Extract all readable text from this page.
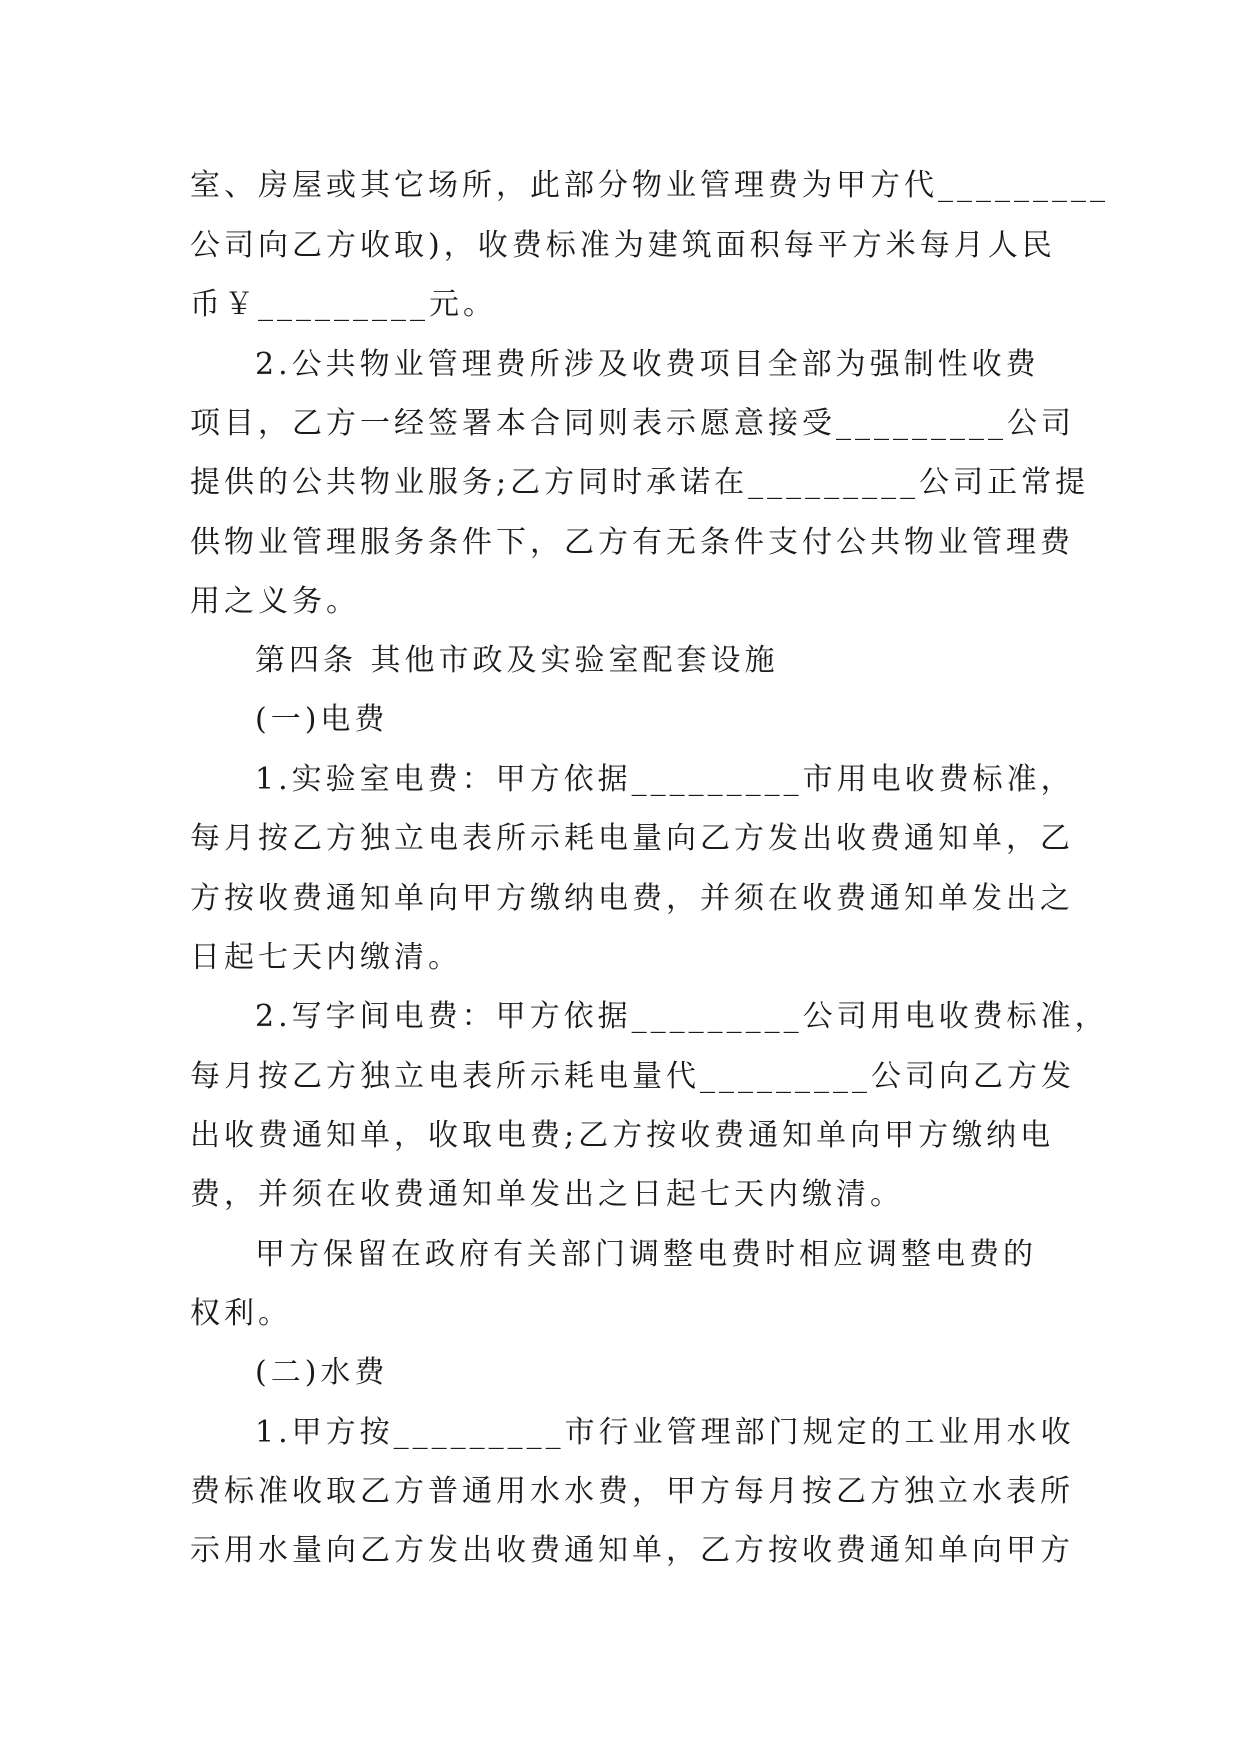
室、房屋或其它场所，此部分物业管理费为甲方代_________
公司向乙方收取)，收费标准为建筑面积每平方米每月人民
币￥_________元。
2.公共物业管理费所涉及收费项目全部为强制性收费
项目，乙方一经签署本合同则表示愿意接受_________公司
提供的公共物业服务;乙方同时承诺在_________公司正常提
供物业管理服务条件下，乙方有无条件支付公共物业管理费
用之义务。
第四条 其他市政及实验室配套设施
(一)电费
1.实验室电费：甲方依据_________市用电收费标准，
每月按乙方独立电表所示耗电量向乙方发出收费通知单，乙
方按收费通知单向甲方缴纳电费，并须在收费通知单发出之
日起七天内缴清。
2.写字间电费：甲方依据_________公司用电收费标准，
每月按乙方独立电表所示耗电量代_________公司向乙方发
出收费通知单，收取电费;乙方按收费通知单向甲方缴纳电
费，并须在收费通知单发出之日起七天内缴清。
甲方保留在政府有关部门调整电费时相应调整电费的
权利。
(二)水费
1.甲方按_________市行业管理部门规定的工业用水收
费标准收取乙方普通用水水费，甲方每月按乙方独立水表所
示用水量向乙方发出收费通知单，乙方按收费通知单向甲方
